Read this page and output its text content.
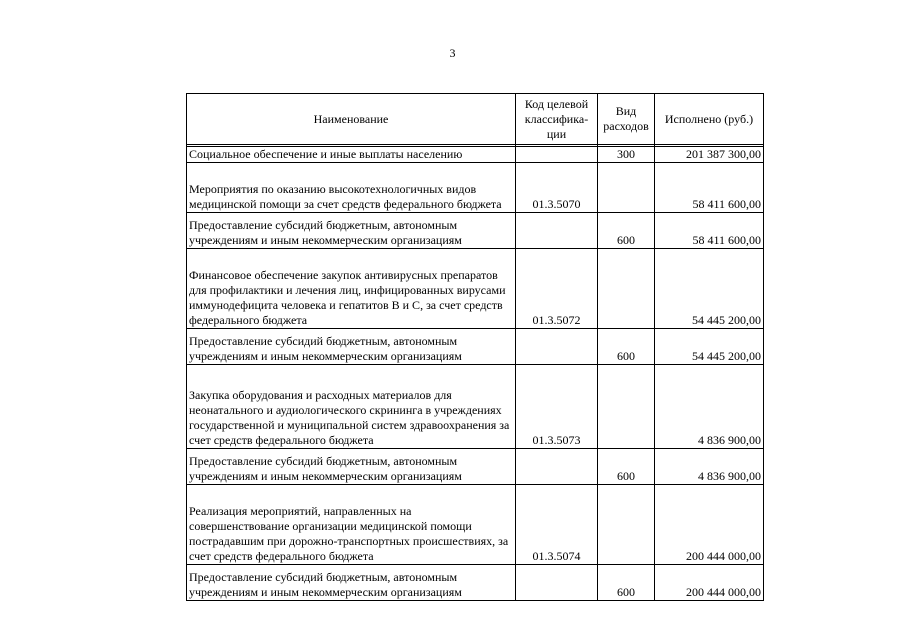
3
Наименование	Код целевой классифика-ции	Вид расходов	Исполнено (руб.)

Социальное обеспечение и иные выплаты населению		300	201 387 300,00
Мероприятия по оказанию высокотехнологичных видов медицинской помощи за счет средств федерального бюджета	01.3.5070		58 411 600,00
Предоставление субсидий бюджетным, автономным учреждениям и иным некоммерческим организациям		600	58 411 600,00
Финансовое обеспечение закупок антивирусных препаратов для профилактики и лечения лиц, инфицированных вирусами иммунодефицита человека и гепатитов В и С, за счет средств федерального бюджета	01.3.5072		54 445 200,00
Предоставление субсидий бюджетным, автономным учреждениям и иным некоммерческим организациям		600	54 445 200,00
Закупка оборудования и расходных материалов для неонатального и аудиологического скрининга в учреждениях государственной и муниципальной систем здравоохранения за счет средств федерального бюджета	01.3.5073		4 836 900,00
Предоставление субсидий бюджетным, автономным учреждениям и иным некоммерческим организациям		600	4 836 900,00
Реализация мероприятий, направленных на совершенствование организации медицинской помощи пострадавшим при дорожно-транспортных происшествиях, за счет средств федерального бюджета	01.3.5074		200 444 000,00
Предоставление субсидий бюджетным, автономным учреждениям и иным некоммерческим организациям		600	200 444 000,00
